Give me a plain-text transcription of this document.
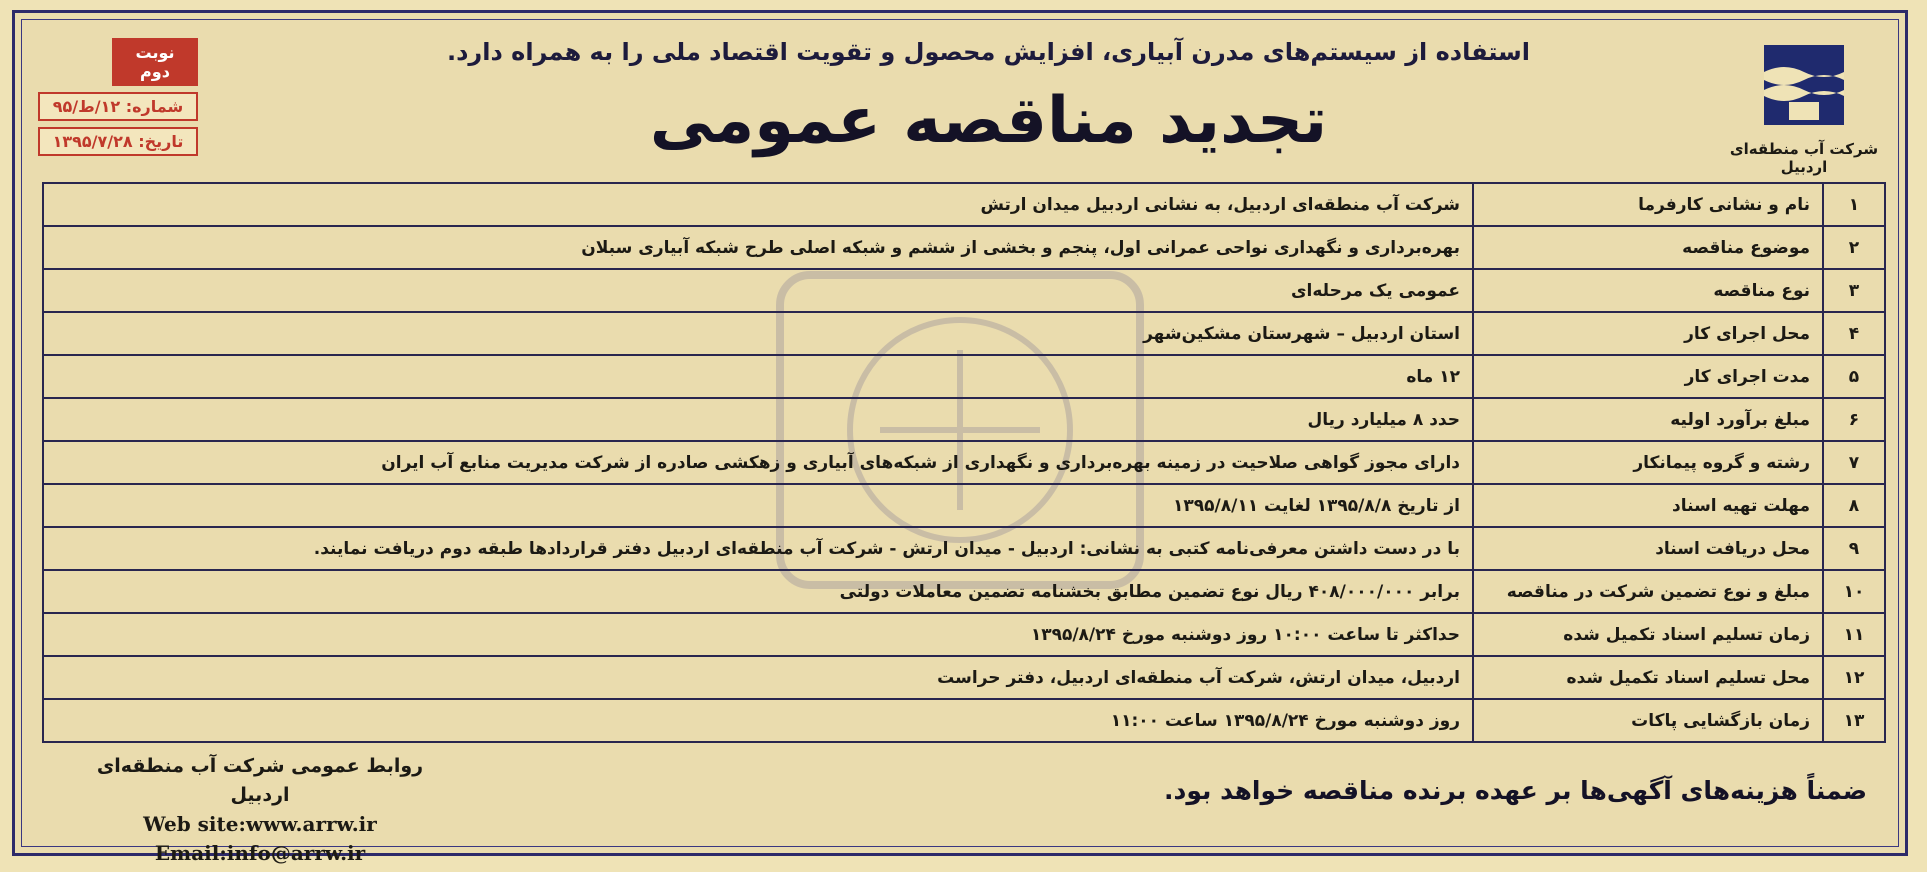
نوبت دوم
شماره: ۱۲/ط/۹۵
تاریخ: ۱۳۹۵/۷/۲۸	شرکت آب منطقه‌ای اردبیل
استفاده از سیستم‌های مدرن آبیاری، افزایش محصول و تقویت اقتصاد ملی را به همراه دارد.
تجدید مناقصه عمومی
۱	نام و نشانی کارفرما	شرکت آب منطقه‌ای اردبیل، به نشانی اردبیل میدان ارتش
۲	موضوع مناقصه	بهره‌برداری و نگهداری نواحی عمرانی اول، پنجم و بخشی از ششم و شبکه اصلی طرح شبکه آبیاری سبلان
۳	نوع مناقصه	عمومی یک مرحله‌ای
۴	محل اجرای کار	استان اردبیل – شهرستان مشکین‌شهر
۵	مدت اجرای کار	۱۲ ماه
۶	مبلغ برآورد اولیه	حدد ۸ میلیارد ریال
۷	رشته و گروه پیمانکار	دارای مجوز گواهی صلاحیت در زمینه بهره‌برداری و نگهداری از شبکه‌های آبیاری و زهکشی صادره از شرکت مدیریت منابع آب ایران
۸	مهلت تهیه اسناد	از تاریخ ۱۳۹۵/۸/۸ لغایت ۱۳۹۵/۸/۱۱
۹	محل دریافت اسناد	با در دست داشتن معرفی‌نامه کتبی به نشانی: اردبیل - میدان ارتش - شرکت آب منطقه‌ای اردبیل دفتر قراردادها طبقه دوم دریافت نمایند.
۱۰	مبلغ و نوع تضمین شرکت در مناقصه	برابر ۴۰۸/۰۰۰/۰۰۰ ریال نوع تضمین مطابق بخشنامه تضمین معاملات دولتی
۱۱	زمان تسلیم اسناد تکمیل شده	حداکثر تا ساعت ۱۰:۰۰ روز دوشنبه مورخ ۱۳۹۵/۸/۲۴
۱۲	محل تسلیم اسناد تکمیل شده	اردبیل، میدان ارتش، شرکت آب منطقه‌ای اردبیل، دفتر حراست
۱۳	زمان بازگشایی پاکات	روز دوشنبه مورخ ۱۳۹۵/۸/۲۴ ساعت ۱۱:۰۰
ضمناً هزینه‌های آگهی‌ها بر عهده برنده مناقصه خواهد بود.
روابط عمومی شرکت آب منطقه‌ای اردبیل
Web site:www.arrw.ir
Email:info@arrw.ir
